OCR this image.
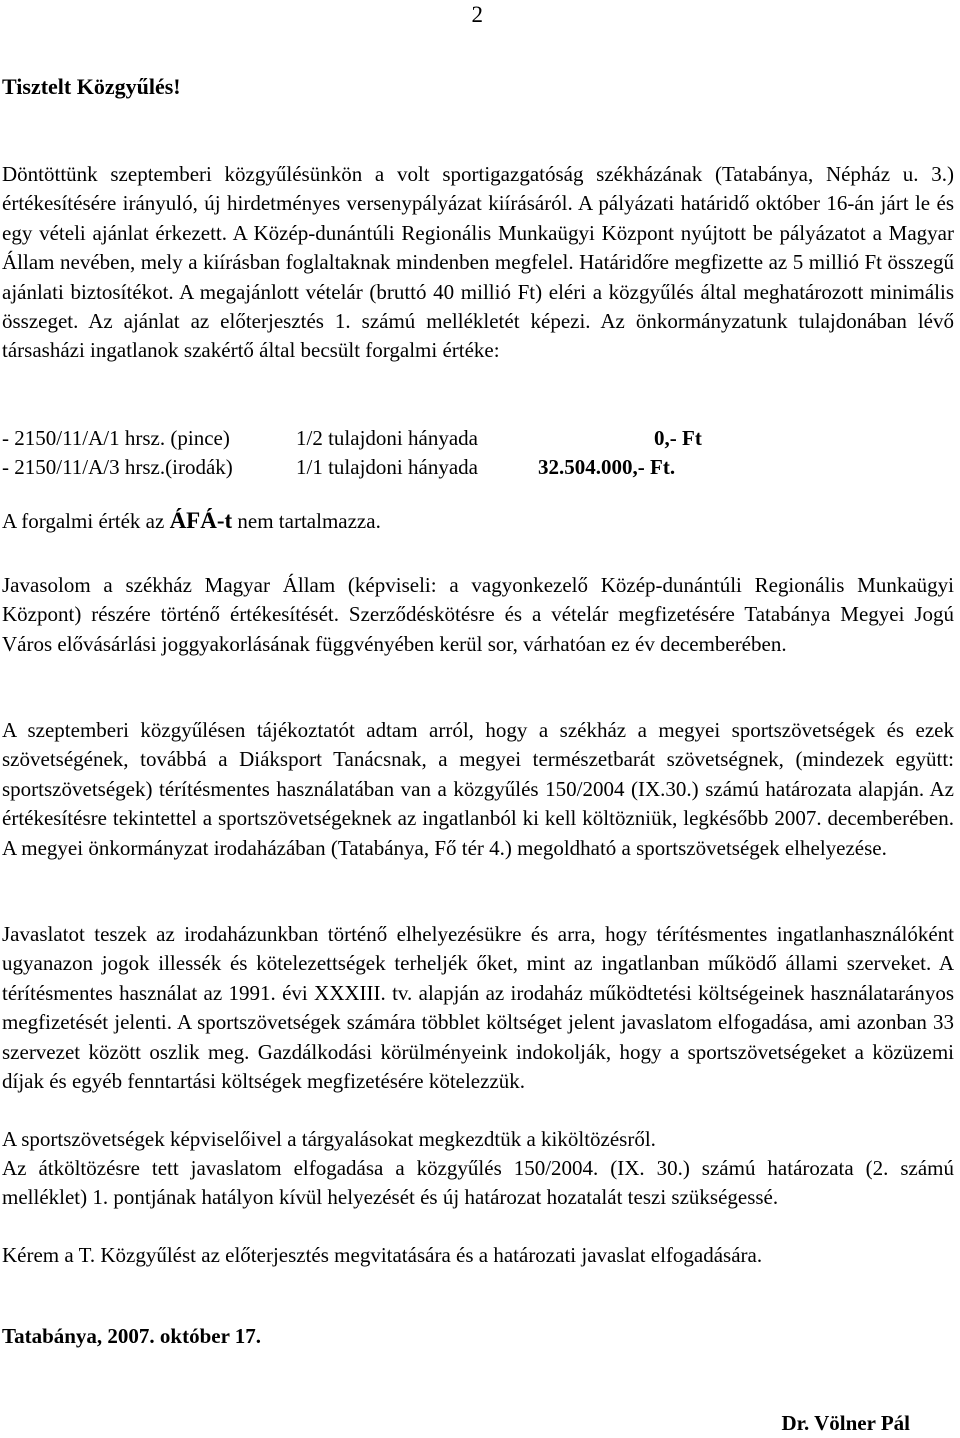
2
Tisztelt Közgyűlés!
Döntöttünk szeptemberi közgyűlésünkön a volt sportigazgatóság székházának (Tatabánya, Népház u. 3.) értékesítésére irányuló, új hirdetményes versenypályázat kiírásáról. A pályázati határidő október 16-án járt le és egy vételi ajánlat érkezett. A Közép-dunántúli Regionális Munkaügyi Központ nyújtott be pályázatot a Magyar Állam nevében, mely a kiírásban foglaltaknak mindenben megfelel. Határidőre megfizette az 5 millió Ft összegű ajánlati biztosítékot. A megajánlott vételár (bruttó 40 millió Ft) eléri a közgyűlés által meghatározott minimális összeget. Az ajánlat az előterjesztés 1. számú mellékletét képezi. Az önkormányzatunk tulajdonában lévő társasházi ingatlanok szakértő által becsült forgalmi értéke:
- 2150/11/A/1 hrsz. (pince)	1/2 tulajdoni hányada	0,- Ft
- 2150/11/A/3 hrsz.(irodák)	1/1 tulajdoni hányada	32.504.000,- Ft.
A forgalmi érték az ÁFÁ-t nem tartalmazza.
Javasolom a székház Magyar Állam (képviseli: a vagyonkezelő Közép-dunántúli Regionális Munkaügyi Központ) részére történő értékesítését. Szerződéskötésre és a vételár megfizetésére Tatabánya Megyei Jogú Város elővásárlási joggyakorlásának függvényében kerül sor, várhatóan ez év decemberében.
A szeptemberi közgyűlésen tájékoztatót adtam arról, hogy a székház a megyei sportszövetségek és ezek szövetségének, továbbá a Diáksport Tanácsnak, a megyei természetbarát szövetségnek, (mindezek együtt: sportszövetségek) térítésmentes használatában van a közgyűlés 150/2004 (IX.30.) számú határozata alapján. Az értékesítésre tekintettel a sportszövetségeknek az ingatlanból ki kell költözniük, legkésőbb 2007. decemberében. A megyei önkormányzat irodaházában (Tatabánya, Fő tér 4.) megoldható a sportszövetségek elhelyezése.
Javaslatot teszek az irodaházunkban történő elhelyezésükre és arra, hogy térítésmentes ingatlanhasználóként ugyanazon jogok illessék és kötelezettségek terheljék őket, mint az ingatlanban működő állami szerveket. A térítésmentes használat az 1991. évi XXXIII. tv. alapján az irodaház működtetési költségeinek használatarányos megfizetését jelenti. A sportszövetségek számára többlet költséget jelent javaslatom elfogadása, ami azonban 33 szervezet között oszlik meg. Gazdálkodási körülményeink indokolják, hogy a sportszövetségeket a közüzemi díjak és egyéb fenntartási költségek megfizetésére kötelezzük.
A sportszövetségek képviselőivel a tárgyalásokat megkezdtük a kiköltözésről.
Az átköltözésre tett javaslatom elfogadása a közgyűlés 150/2004. (IX. 30.) számú határozata (2. számú melléklet) 1. pontjának hatályon kívül helyezését és új határozat hozatalát teszi szükségessé.
Kérem a T. Közgyűlést az előterjesztés megvitatására és a határozati javaslat elfogadására.
Tatabánya, 2007. október 17.
Dr. Völner Pál
